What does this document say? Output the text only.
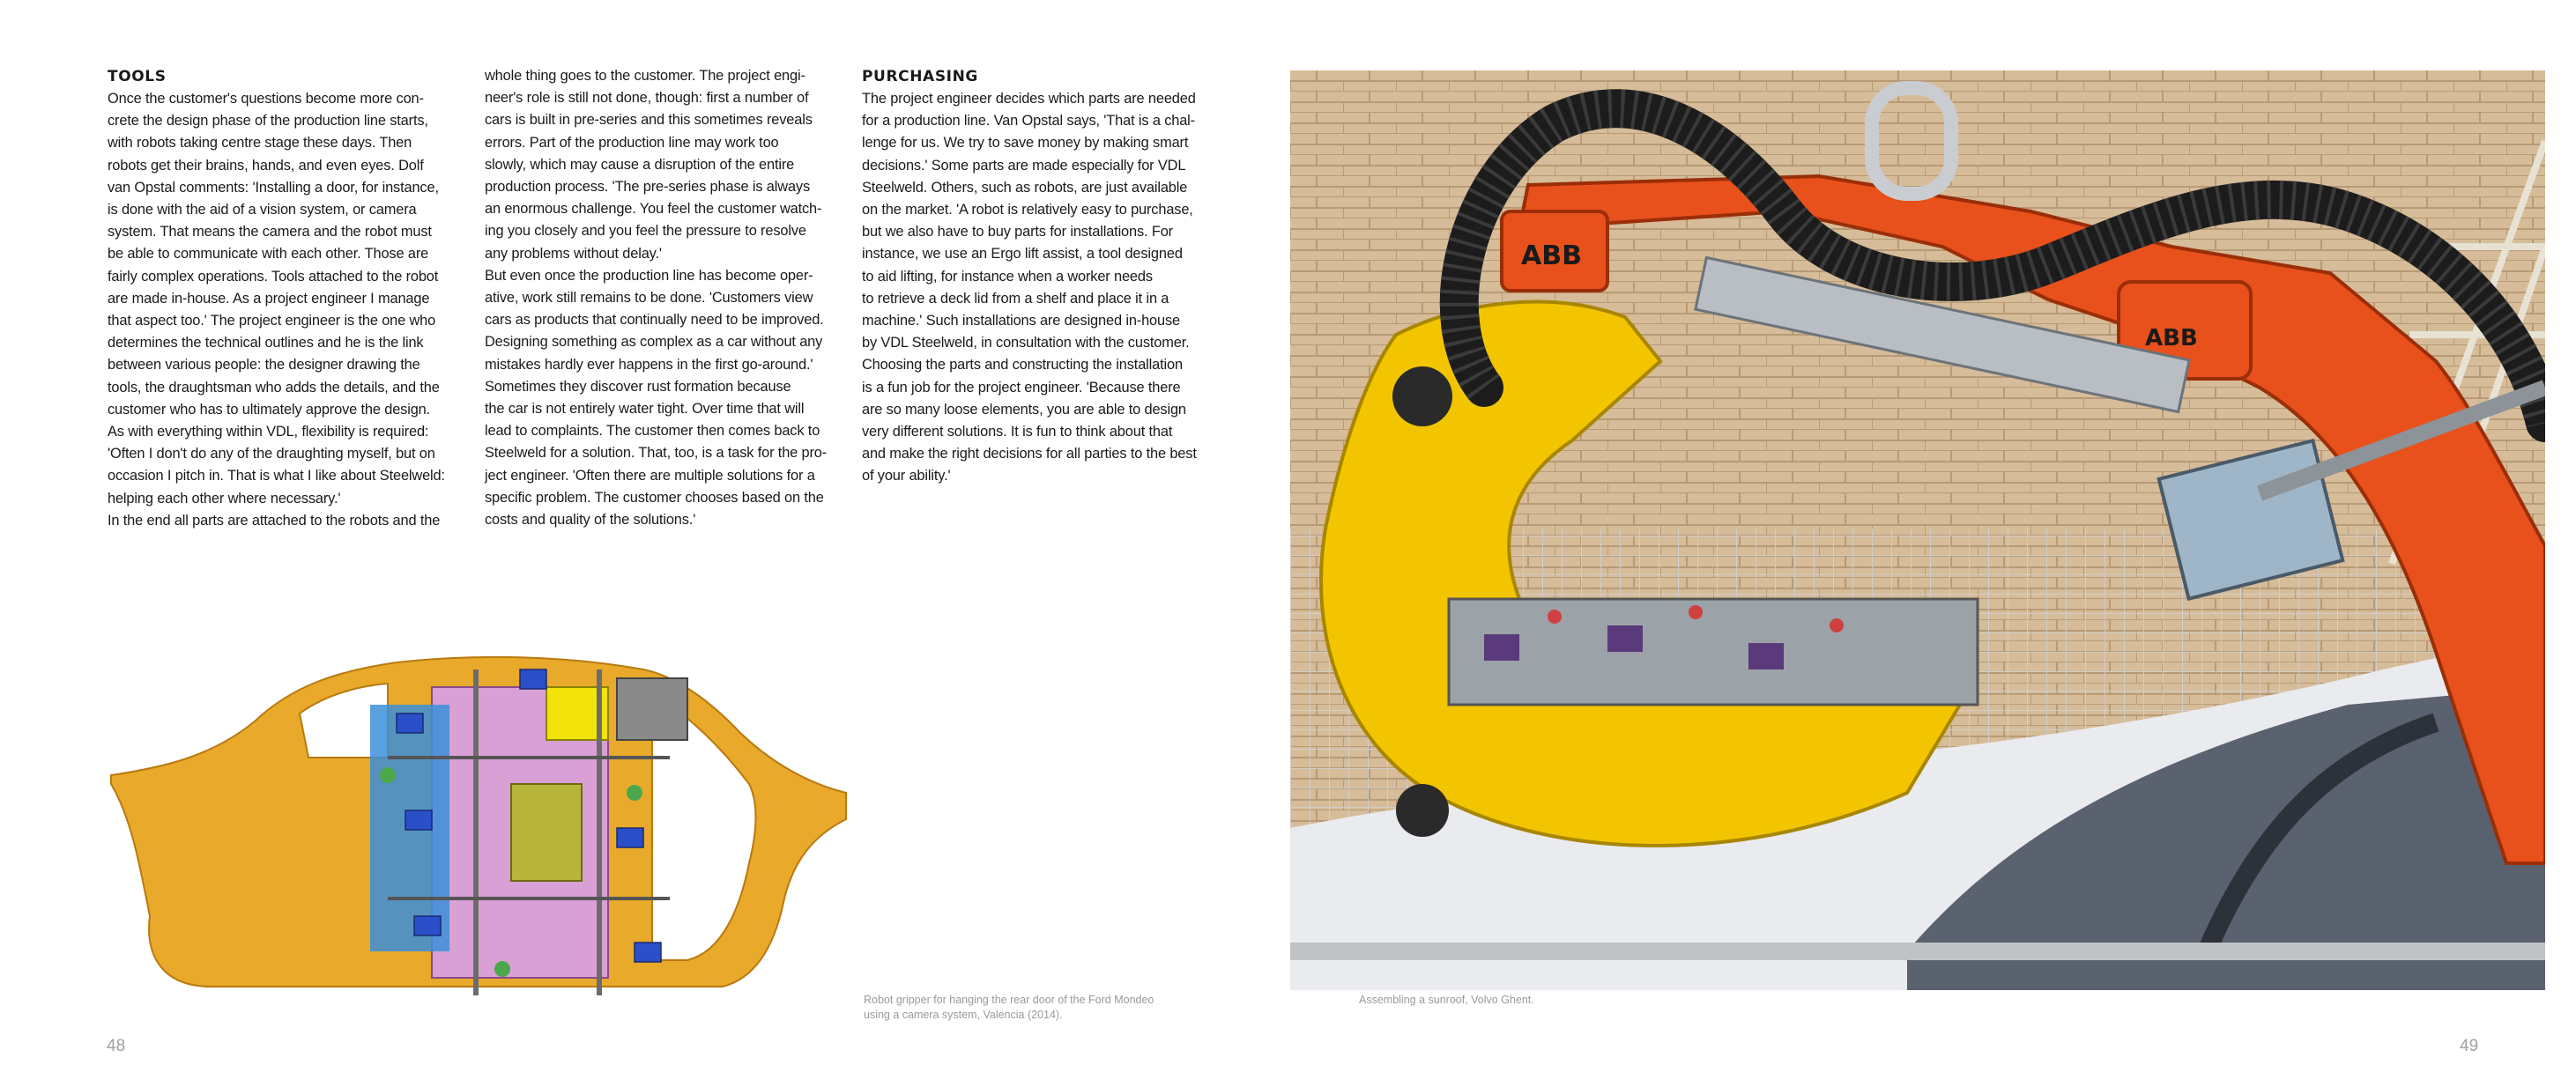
TOOLS

Once the customer's questions become more con-
crete the design phase of the production line starts,
with robots taking centre stage these days. Then
robots get their brains, hands, and even eyes. Dolf
van Opstal comments: 'Installing a door, for instance,
is done with the aid of a vision system, or camera
system. That means the camera and the robot must
be able to communicate with each other. Those are
fairly complex operations. Tools attached to the robot
are made in-house. As a project engineer I manage
that aspect too.' The project engineer is the one who
determines the technical outlines and he is the link
between various people: the designer drawing the
tools, the draughtsman who adds the details, and the
customer who has to ultimately approve the design.
As with everything within VDL, flexibility is required:
'Often I don't do any of the draughting myself, but on
occasion I pitch in. That is what I like about Steelweld:
helping each other where necessary.'
In the end all parts are attached to the robots and the

whole thing goes to the customer. The project engi-
neer's role is still not done, though: first a number of
cars is built in pre-series and this sometimes reveals
errors. Part of the production line may work too
slowly, which may cause a disruption of the entire
production process. 'The pre-series phase is always
an enormous challenge. You feel the customer watch-
ing you closely and you feel the pressure to resolve
any problems without delay.'
But even once the production line has become oper-
ative, work still remains to be done. 'Customers view
cars as products that continually need to be improved.
Designing something as complex as a car without any
mistakes hardly ever happens in the first go-around.'
Sometimes they discover rust formation because
the car is not entirely water tight. Over time that will
lead to complaints. The customer then comes back to
Steelweld for a solution. That, too, is a task for the pro-
ject engineer. 'Often there are multiple solutions for a
specific problem. The customer chooses based on the
costs and quality of the solutions.'

PURCHASING

The project engineer decides which parts are needed
for a production line. Van Opstal says, 'That is a chal-
lenge for us. We try to save money by making smart
decisions.' Some parts are made especially for VDL
Steelweld. Others, such as robots, are just available
on the market. 'A robot is relatively easy to purchase,
but we also have to buy parts for installations. For
instance, we use an Ergo lift assist, a tool designed
to aid lifting, for instance when a worker needs
to retrieve a deck lid from a shelf and place it in a
machine.' Such installations are designed in-house
by VDL Steelweld, in consultation with the customer.
Choosing the parts and constructing the installation
is a fun job for the project engineer. 'Because there
are so many loose elements, you are able to design
very different solutions. It is fun to think about that
and make the right decisions for all parties to the best
of your ability.'

Robot gripper for hanging the rear door of the Ford Mondeo
using a camera system, Valencia (2014).
ABB
ABB
Assembling a sunroof, Volvo Ghent.
48	49
